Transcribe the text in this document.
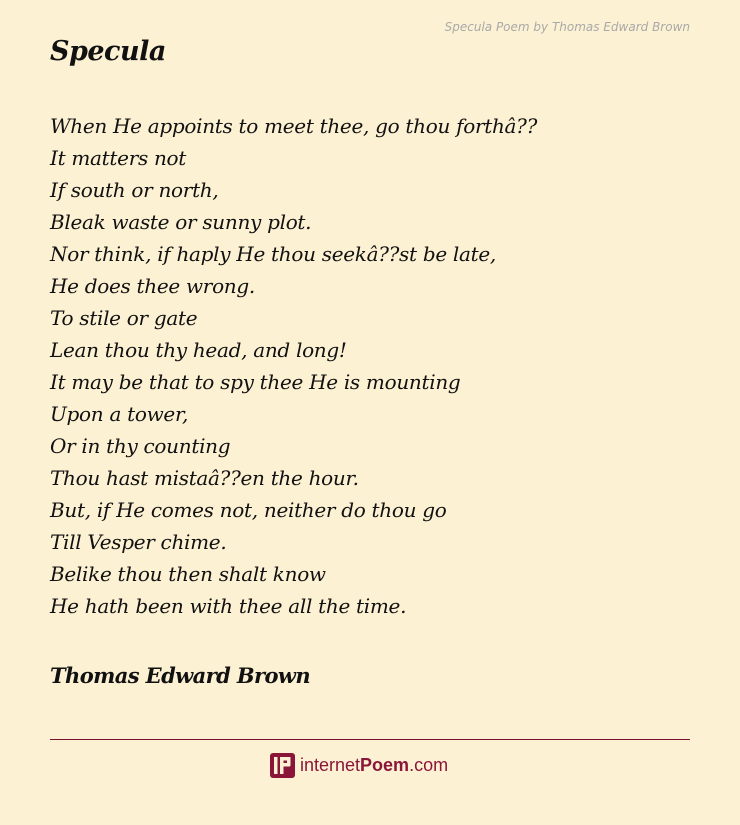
Specula Poem by Thomas Edward Brown
Specula
When He appoints to meet thee, go thou forthâ??
It matters not
If south or north,
Bleak waste or sunny plot.
Nor think, if haply He thou seekâ??st be late,
He does thee wrong.
To stile or gate
Lean thou thy head, and long!
It may be that to spy thee He is mounting
Upon a tower,
Or in thy counting
Thou hast mistaâ??en the hour.
But, if He comes not, neither do thou go
Till Vesper chime.
Belike thou then shalt know
He hath been with thee all the time.
Thomas Edward Brown
internetPoem.com
